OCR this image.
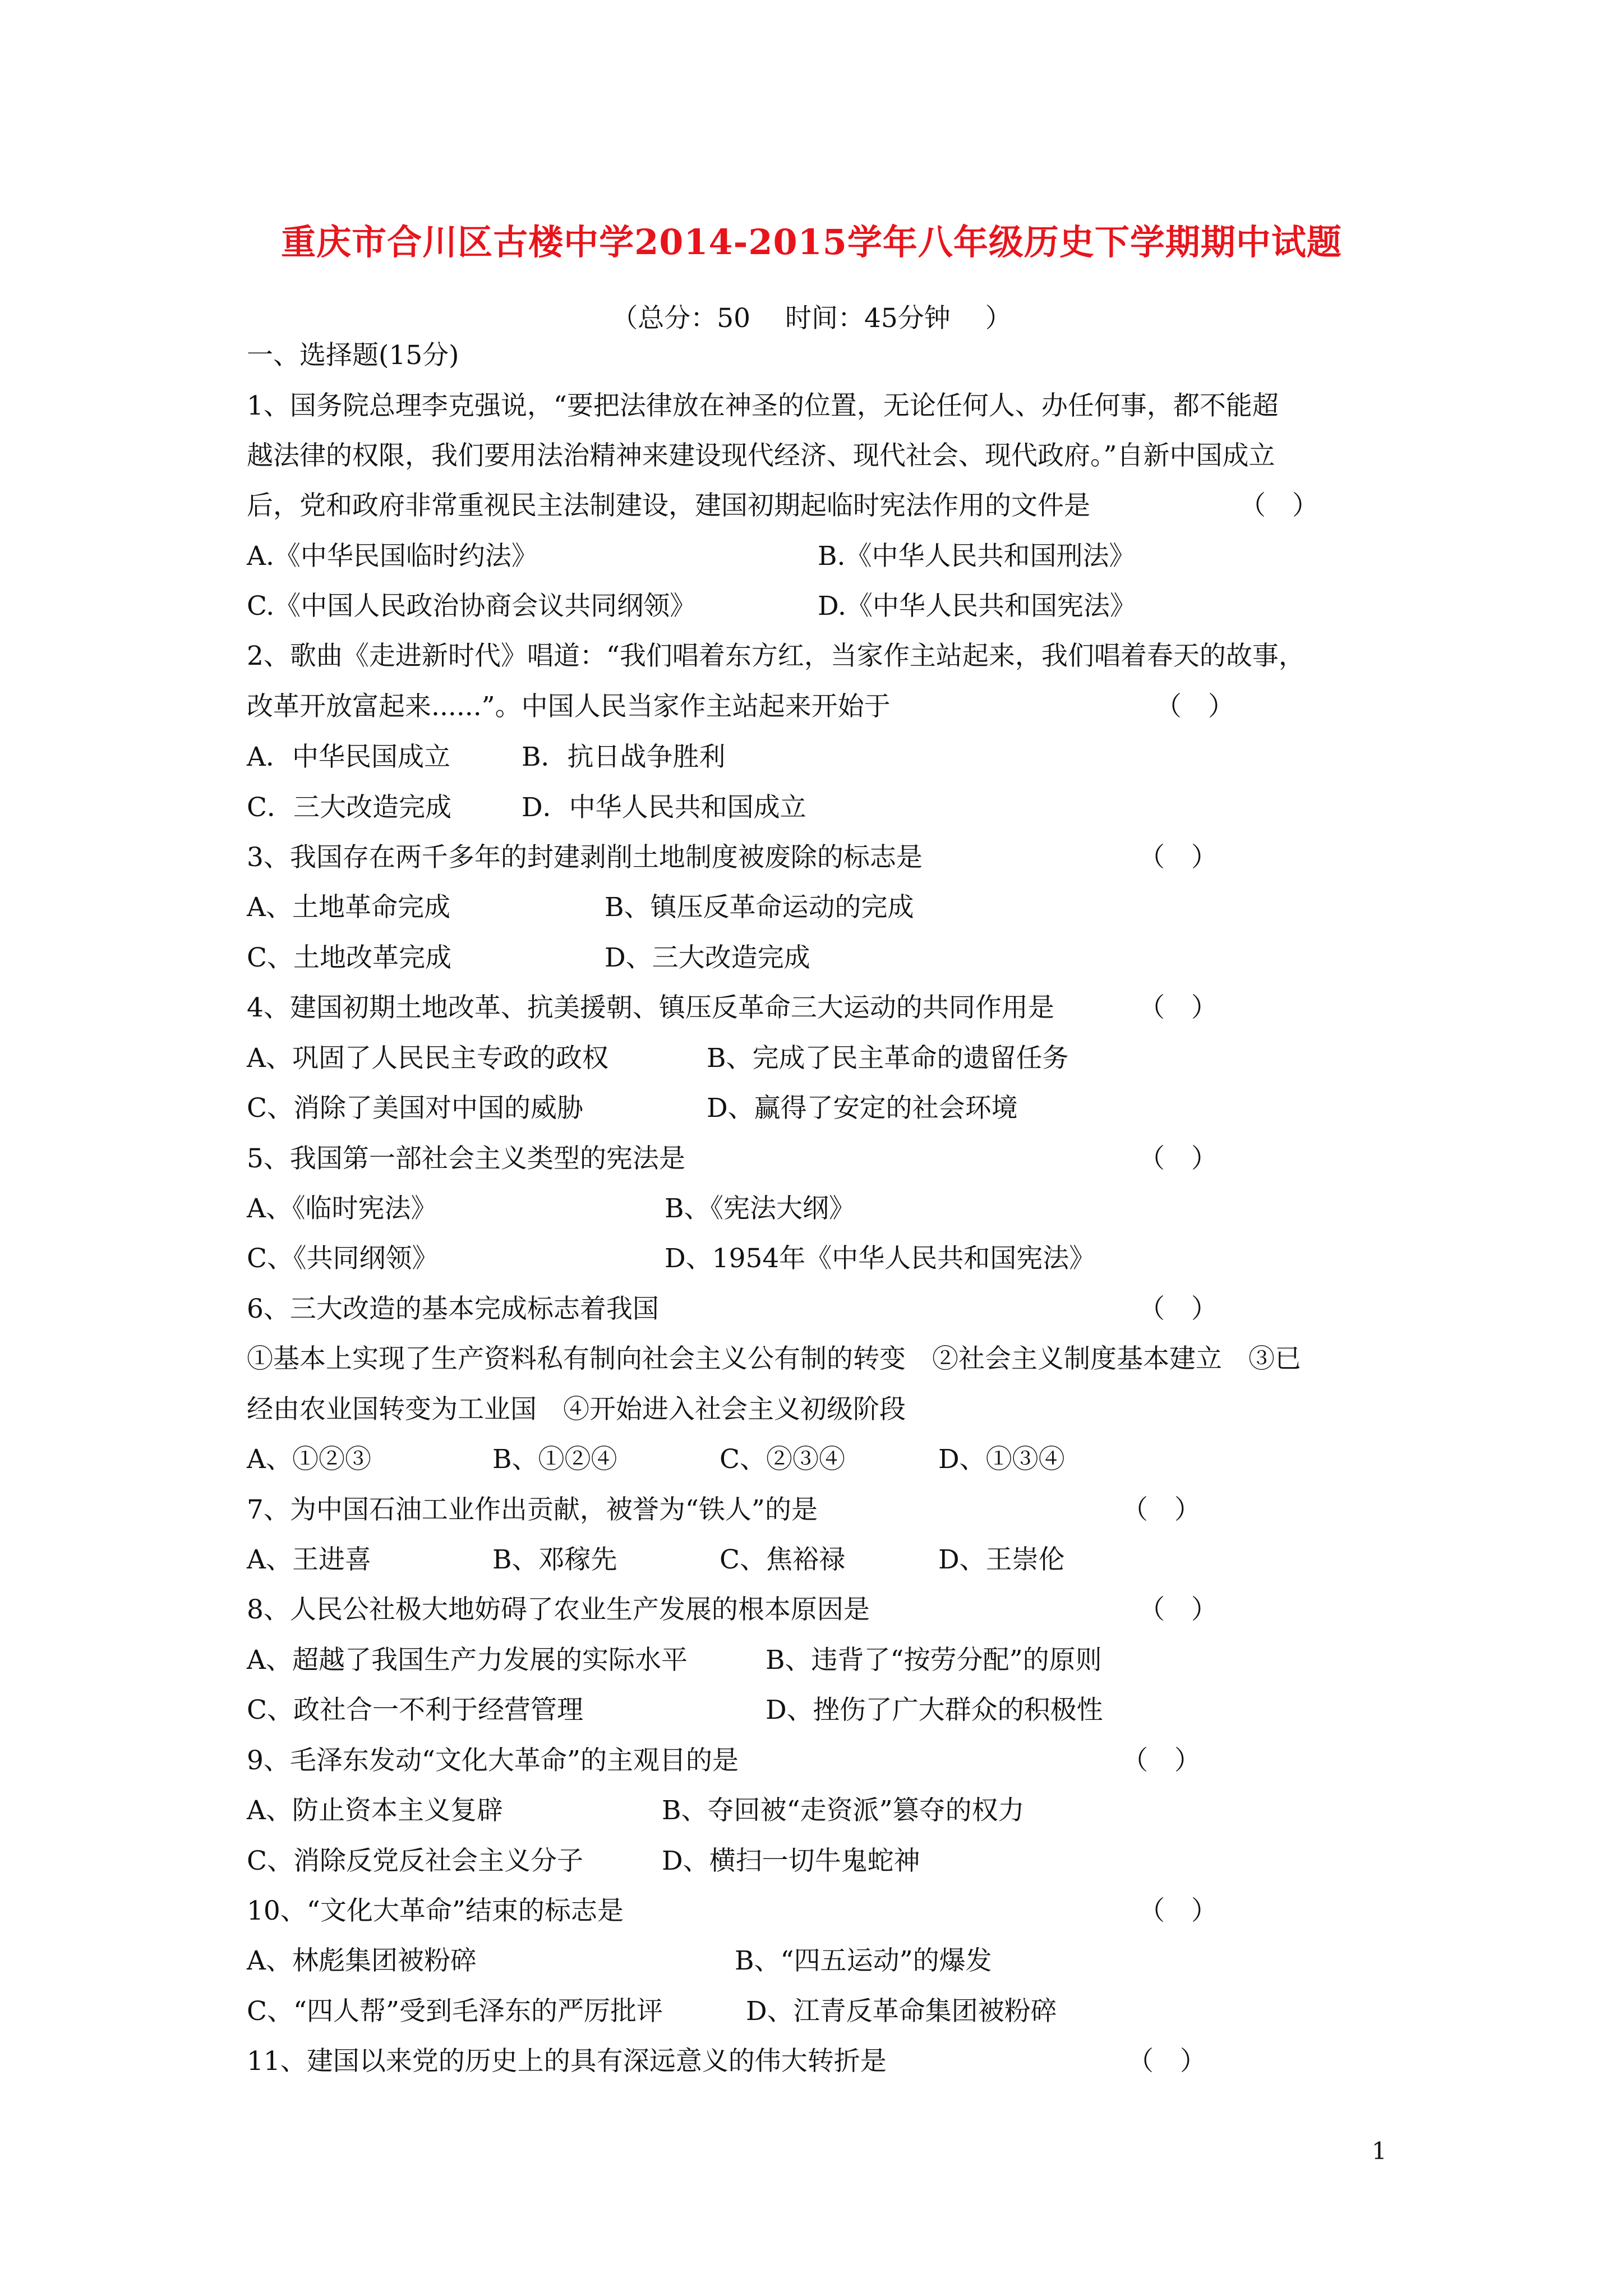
重庆市合川区古楼中学2014-2015学年八年级历史下学期期中试题
（总分：50　 时间：45分钟　 ）
一、选择题(15分)
1、国务院总理李克强说，“要把法律放在神圣的位置，无论任何人、办任何事，都不能超
越法律的权限，我们要用法治精神来建设现代经济、现代社会、现代政府。”自新中国成立
后，党和政府非常重视民主法制建设，建国初期起临时宪法作用的文件是	（　）
A.《中华民国临时约法》	B.《中华人民共和国刑法》
C.《中国人民政治协商会议共同纲领》	D.《中华人民共和国宪法》
2、歌曲《走进新时代》唱道：“我们唱着东方红，当家作主站起来，我们唱着春天的故事，
改革开放富起来......”。中国人民当家作主站起来开始于	（　）
A．中华民国成立	B．抗日战争胜利
C．三大改造完成	D．中华人民共和国成立
3、我国存在两千多年的封建剥削土地制度被废除的标志是	（　）
A、土地革命完成	B、镇压反革命运动的完成
C、土地改革完成	D、三大改造完成
4、建国初期土地改革、抗美援朝、镇压反革命三大运动的共同作用是	（　）
A、巩固了人民民主专政的政权	B、完成了民主革命的遗留任务
C、消除了美国对中国的威胁	D、赢得了安定的社会环境
5、我国第一部社会主义类型的宪法是	（　）
A、《临时宪法》	B、《宪法大纲》
C、《共同纲领》	D、1954年《中华人民共和国宪法》
6、三大改造的基本完成标志着我国	（　）
①基本上实现了生产资料私有制向社会主义公有制的转变　②社会主义制度基本建立　③已
经由农业国转变为工业国　④开始进入社会主义初级阶段
A、①②③	B、①②④	C、②③④	D、①③④
7、为中国石油工业作出贡献，被誉为“铁人”的是	（　）
A、王进喜	B、邓稼先	C、焦裕禄	D、王崇伦
8、人民公社极大地妨碍了农业生产发展的根本原因是	（　）
A、超越了我国生产力发展的实际水平	B、违背了“按劳分配”的原则
C、政社合一不利于经营管理	D、挫伤了广大群众的积极性
9、毛泽东发动“文化大革命”的主观目的是	（　）
A、防止资本主义复辟	B、夺回被“走资派”篡夺的权力
C、消除反党反社会主义分子	D、横扫一切牛鬼蛇神
10、“文化大革命”结束的标志是	（　）
A、林彪集团被粉碎	B、“四五运动”的爆发
C、“四人帮”受到毛泽东的严厉批评	D、江青反革命集团被粉碎
11、建国以来党的历史上的具有深远意义的伟大转折是	（　）
1
